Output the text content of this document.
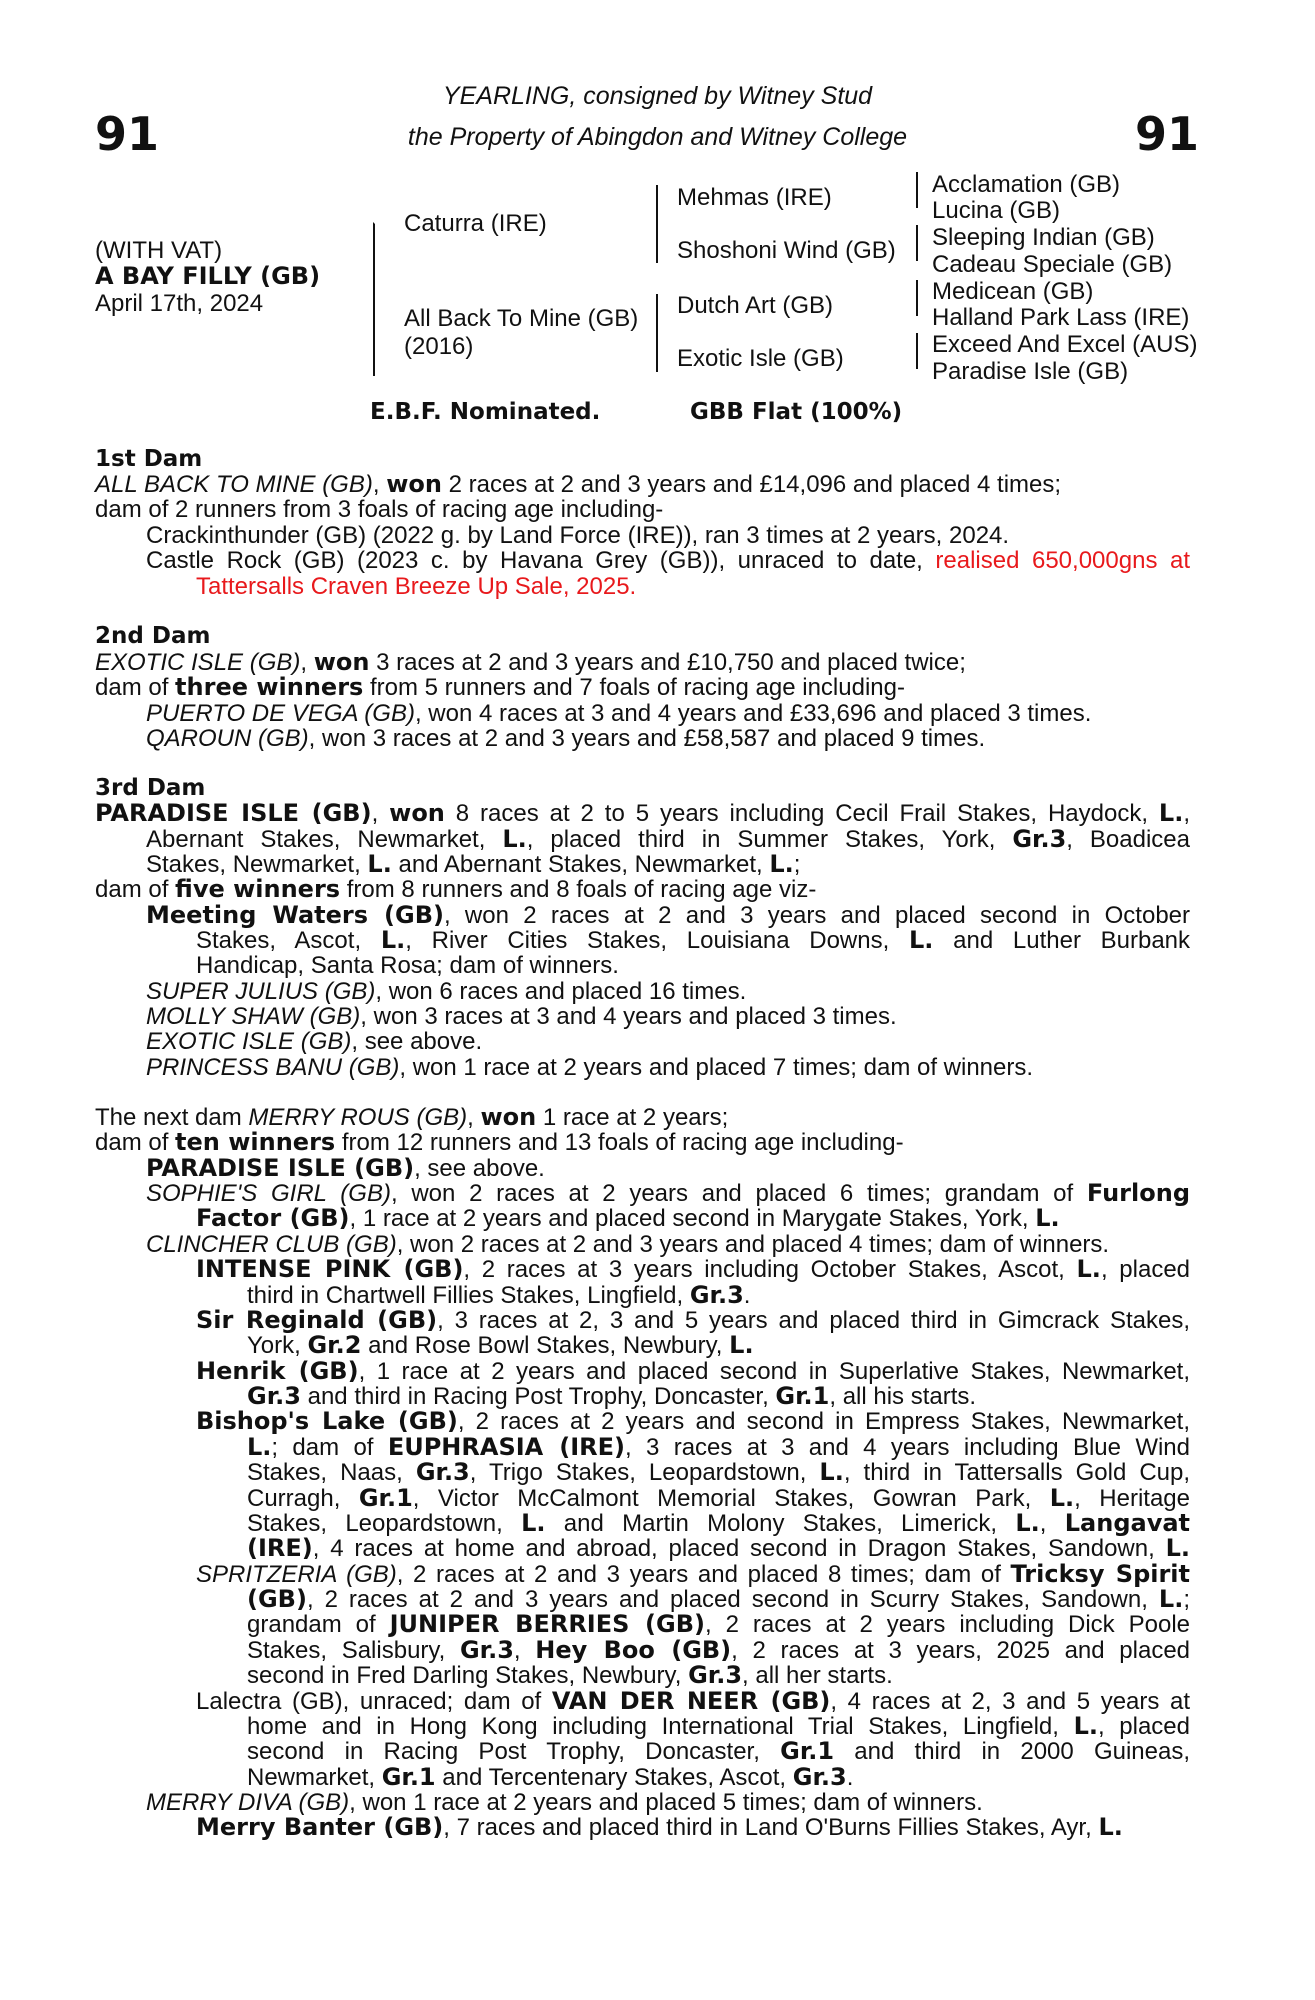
91	91
YEARLING, consigned by Witney Stud
the Property of Abingdon and Witney College
(WITH VAT)
A BAY FILLY (GB)
April 17th, 2024
Caturra (IRE)
All Back To Mine (GB)
(2016)
Mehmas (IRE)
Shoshoni Wind (GB)
Dutch Art (GB)
Exotic Isle (GB)
Acclamation (GB)
Lucina (GB)
Sleeping Indian (GB)
Cadeau Speciale (GB)
Medicean (GB)
Halland Park Lass (IRE)
Exceed And Excel (AUS)
Paradise Isle (GB)
E.B.F. Nominated.	GBB Flat (100%)
1st Dam
ALL BACK TO MINE (GB), won 2 races at 2 and 3 years and £14,096 and placed 4 times;
dam of 2 runners from 3 foals of racing age including-
Crackinthunder (GB) (2022 g. by Land Force (IRE)), ran 3 times at 2 years, 2024.
Castle Rock (GB) (2023 c. by Havana Grey (GB)), unraced to date, realised 650,000gns at
Tattersalls Craven Breeze Up Sale, 2025.
2nd Dam
EXOTIC ISLE (GB), won 3 races at 2 and 3 years and £10,750 and placed twice;
dam of three winners from 5 runners and 7 foals of racing age including-
PUERTO DE VEGA (GB), won 4 races at 3 and 4 years and £33,696 and placed 3 times.
QAROUN (GB), won 3 races at 2 and 3 years and £58,587 and placed 9 times.
3rd Dam
PARADISE ISLE (GB), won 8 races at 2 to 5 years including Cecil Frail Stakes, Haydock, L.,
Abernant Stakes, Newmarket, L., placed third in Summer Stakes, York, Gr.3, Boadicea
Stakes, Newmarket, L. and Abernant Stakes, Newmarket, L.;
dam of five winners from 8 runners and 8 foals of racing age viz-
Meeting Waters (GB), won 2 races at 2 and 3 years and placed second in October
Stakes, Ascot, L., River Cities Stakes, Louisiana Downs, L. and Luther Burbank
Handicap, Santa Rosa; dam of winners.
SUPER JULIUS (GB), won 6 races and placed 16 times.
MOLLY SHAW (GB), won 3 races at 3 and 4 years and placed 3 times.
EXOTIC ISLE (GB), see above.
PRINCESS BANU (GB), won 1 race at 2 years and placed 7 times; dam of winners.
The next dam MERRY ROUS (GB), won 1 race at 2 years;
dam of ten winners from 12 runners and 13 foals of racing age including-
PARADISE ISLE (GB), see above.
SOPHIE'S GIRL (GB), won 2 races at 2 years and placed 6 times; grandam of Furlong
Factor (GB), 1 race at 2 years and placed second in Marygate Stakes, York, L.
CLINCHER CLUB (GB), won 2 races at 2 and 3 years and placed 4 times; dam of winners.
INTENSE PINK (GB), 2 races at 3 years including October Stakes, Ascot, L., placed
third in Chartwell Fillies Stakes, Lingfield, Gr.3.
Sir Reginald (GB), 3 races at 2, 3 and 5 years and placed third in Gimcrack Stakes,
York, Gr.2 and Rose Bowl Stakes, Newbury, L.
Henrik (GB), 1 race at 2 years and placed second in Superlative Stakes, Newmarket,
Gr.3 and third in Racing Post Trophy, Doncaster, Gr.1, all his starts.
Bishop's Lake (GB), 2 races at 2 years and second in Empress Stakes, Newmarket,
L.; dam of EUPHRASIA (IRE), 3 races at 3 and 4 years including Blue Wind
Stakes, Naas, Gr.3, Trigo Stakes, Leopardstown, L., third in Tattersalls Gold Cup,
Curragh, Gr.1, Victor McCalmont Memorial Stakes, Gowran Park, L., Heritage
Stakes, Leopardstown, L. and Martin Molony Stakes, Limerick, L., Langavat
(IRE), 4 races at home and abroad, placed second in Dragon Stakes, Sandown, L.
SPRITZERIA (GB), 2 races at 2 and 3 years and placed 8 times; dam of Tricksy Spirit
(GB), 2 races at 2 and 3 years and placed second in Scurry Stakes, Sandown, L.;
grandam of JUNIPER BERRIES (GB), 2 races at 2 years including Dick Poole
Stakes, Salisbury, Gr.3, Hey Boo (GB), 2 races at 3 years, 2025 and placed
second in Fred Darling Stakes, Newbury, Gr.3, all her starts.
Lalectra (GB), unraced; dam of VAN DER NEER (GB), 4 races at 2, 3 and 5 years at
home and in Hong Kong including International Trial Stakes, Lingfield, L., placed
second in Racing Post Trophy, Doncaster, Gr.1 and third in 2000 Guineas,
Newmarket, Gr.1 and Tercentenary Stakes, Ascot, Gr.3.
MERRY DIVA (GB), won 1 race at 2 years and placed 5 times; dam of winners.
Merry Banter (GB), 7 races and placed third in Land O'Burns Fillies Stakes, Ayr, L.
